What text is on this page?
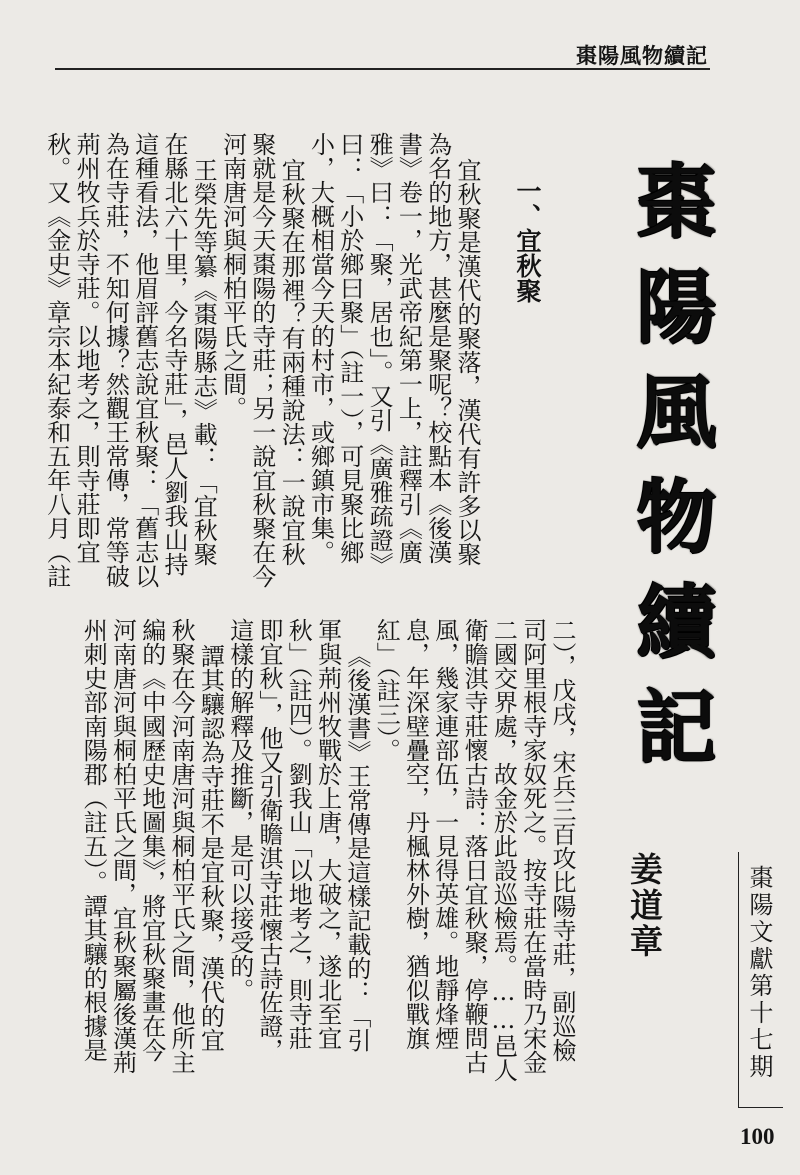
棗陽風物續記
棗陽風物續記
一、宜秋聚
宜秋聚是漢代的聚落，漢代有許多以聚
為名的地方，甚麼是聚呢？校點本《後漢
書》卷一，光武帝紀第一上，註釋引《廣
雅》曰：「聚，居也」。又引《廣雅疏證》
曰：「小於鄉曰聚」（註一），可見聚比鄉
小，大概相當今天的村市，或鄉鎮市集。
宜秋聚在那裡？有兩種說法：一說宜秋
聚就是今天棗陽的寺莊；另一說宜秋聚在今
河南唐河與桐柏平氏之間。
王榮先等纂《棗陽縣志》載：「宜秋聚
在縣北六十里，今名寺莊」，邑人劉我山持
這種看法，他眉評舊志說宜秋聚：「舊志以
為在寺莊，不知何據？然觀王常傳，常等破
荊州牧兵於寺莊。以地考之，則寺莊即宜
秋。又《金史》章宗本紀泰和五年八月（註
二），戊戌，宋兵三百攻比陽寺莊，副巡檢
司阿里根寺家奴死之。按寺莊在當時乃宋金
二國交界處，故金於此設巡檢焉。……邑人
衛瞻淇寺莊懷古詩：落日宜秋聚，停鞭問古
風，幾家連部伍，一見得英雄。地靜烽煙
息，年深壁疊空，丹楓林外樹，猶似戰旗
紅」（註三）。
《後漢書》王常傳是這樣記載的：「引
軍與荊州牧戰於上唐，大破之，遂北至宜
秋」（註四）。劉我山「以地考之，則寺莊
即宜秋」，他又引衛瞻淇寺莊懷古詩佐證，
這樣的解釋及推斷，是可以接受的。
譚其驤認為寺莊不是宜秋聚，漢代的宜
秋聚在今河南唐河與桐柏平氏之間，他所主
編的《中國歷史地圖集》，將宜秋聚畫在今
河南唐河與桐柏平氏之間，宜秋聚屬後漢荊
州刺史部南陽郡（註五）。譚其驤的根據是	姜道章	棗陽文獻第十七期
100
